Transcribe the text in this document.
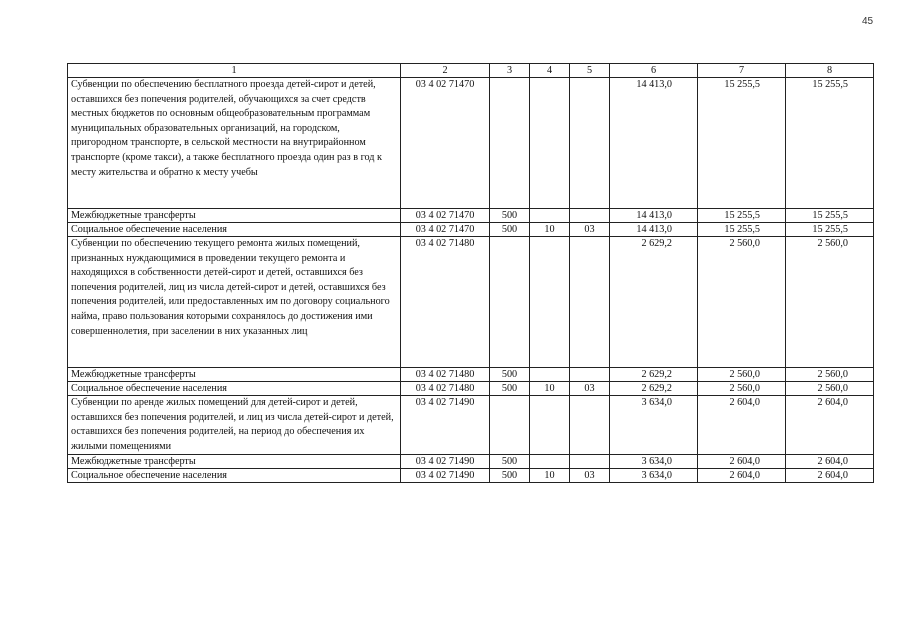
45
1	2	3	4	5	6	7	8
Субвенции по обеспечению бесплатного проезда детей-сирот и детей, оставшихся без попечения родителей, обучающихся за счет средств местных бюджетов по основным общеобразовательным программам муниципальных образовательных организаций, на городском, пригородном транспорте, в сельской местности на внутрирайонном транспорте (кроме такси), а также бесплатного проезда один раз в год к месту жительства и обратно к месту учебы	03 4 02 71470				14 413,0	15 255,5	15 255,5
Межбюджетные трансферты	03 4 02 71470	500			14 413,0	15 255,5	15 255,5
Социальное обеспечение населения	03 4 02 71470	500	10	03	14 413,0	15 255,5	15 255,5
Субвенции по обеспечению текущего ремонта жилых помещений, признанных нуждающимися в проведении текущего ремонта и находящихся в собственности детей-сирот и детей, оставшихся без попечения родителей, лиц из числа детей-сирот и детей, оставшихся без попечения родителей, или предоставленных им по договору социального найма, право пользования которыми сохранялось до достижения ими совершеннолетия, при заселении в них указанных лиц	03 4 02 71480				2 629,2	2 560,0	2 560,0
Межбюджетные трансферты	03 4 02 71480	500			2 629,2	2 560,0	2 560,0
Социальное обеспечение населения	03 4 02 71480	500	10	03	2 629,2	2 560,0	2 560,0
Субвенции по аренде жилых помещений для детей-сирот и детей, оставшихся без попечения родителей, и лиц из числа детей-сирот и детей, оставшихся без попечения родителей, на период до обеспечения их жилыми помещениями	03 4 02 71490				3 634,0	2 604,0	2 604,0
Межбюджетные трансферты	03 4 02 71490	500			3 634,0	2 604,0	2 604,0
Социальное обеспечение населения	03 4 02 71490	500	10	03	3 634,0	2 604,0	2 604,0
